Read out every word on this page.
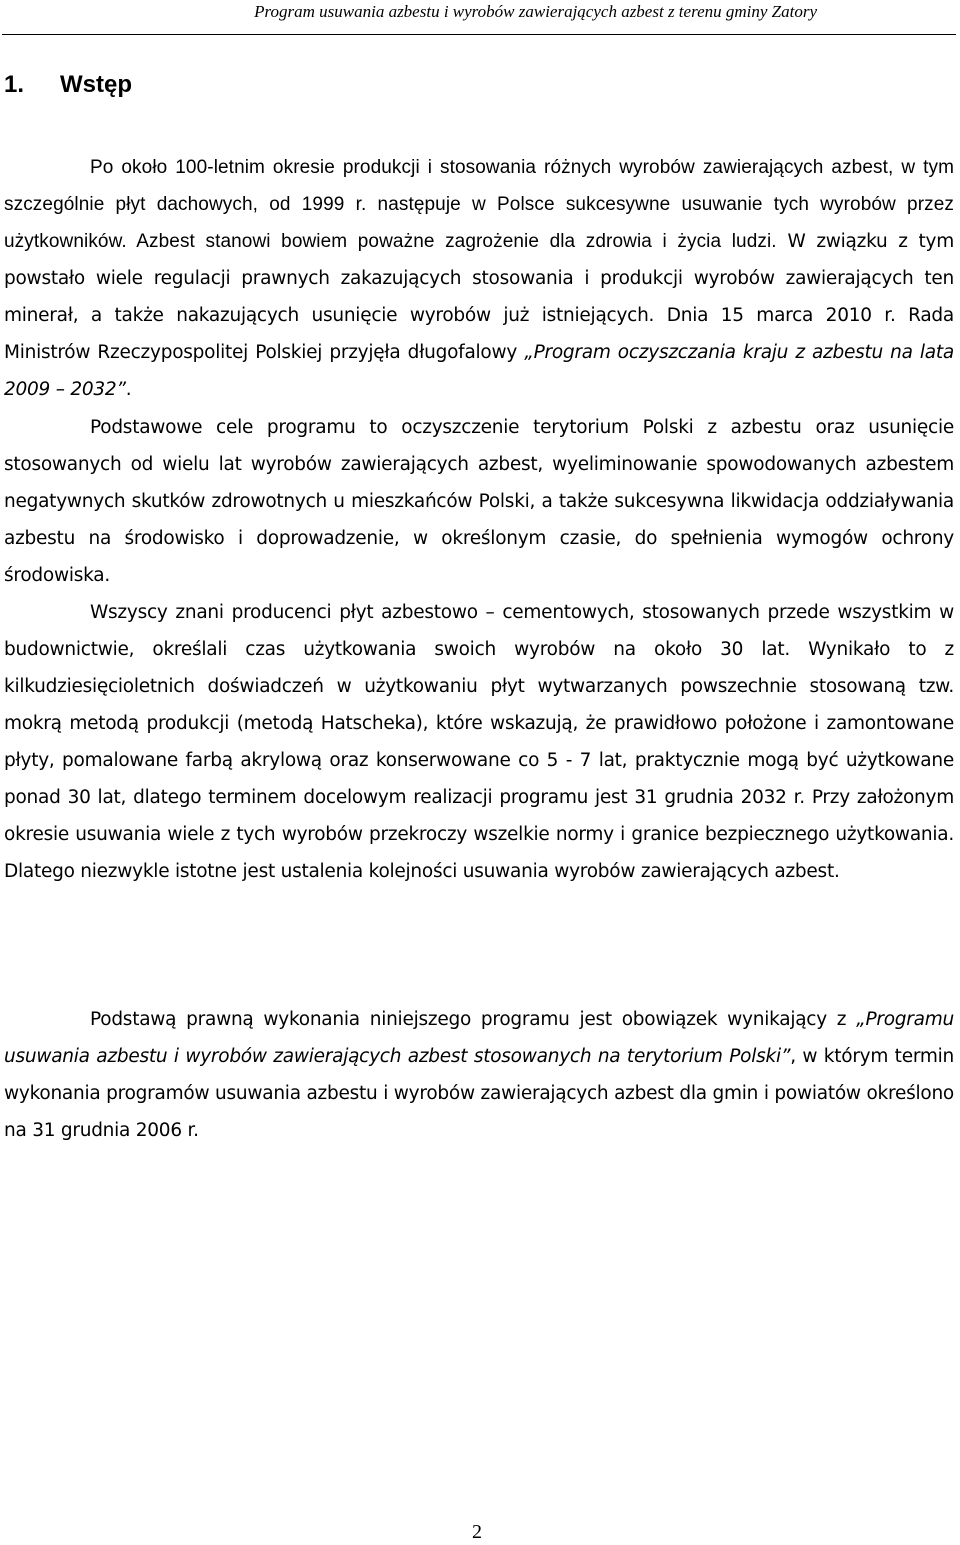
Program usuwania azbestu i wyrobów zawierających azbest z terenu gminy Zatory
1. Wstęp

Po około 100-letnim okresie produkcji i stosowania różnych wyrobów zawierających azbest, w tym szczególnie płyt dachowych, od 1999 r. następuje w Polsce sukcesywne usuwanie tych wyrobów przez użytkowników. Azbest stanowi bowiem poważne zagrożenie dla zdrowia i życia ludzi. W związku z tym powstało wiele regulacji prawnych zakazujących stosowania i produkcji wyrobów zawierających ten minerał, a także nakazujących usunięcie wyrobów już istniejących. Dnia 15 marca 2010 r. Rada Ministrów Rzeczypospolitej Polskiej przyjęła długofalowy „Program oczyszczania kraju z azbestu na lata 2009 – 2032”.

Podstawowe cele programu to oczyszczenie terytorium Polski z azbestu oraz usunięcie stosowanych od wielu lat wyrobów zawierających azbest, wyeliminowanie spowodowanych azbestem negatywnych skutków zdrowotnych u mieszkańców Polski, a także sukcesywna likwidacja oddziaływania azbestu na środowisko i doprowadzenie, w określonym czasie, do spełnienia wymogów ochrony środowiska.

Wszyscy znani producenci płyt azbestowo – cementowych, stosowanych przede wszystkim w budownictwie, określali czas użytkowania swoich wyrobów na około 30 lat. Wynikało to z kilkudziesięcioletnich doświadczeń w użytkowaniu płyt wytwarzanych powszechnie stosowaną tzw. mokrą metodą produkcji (metodą Hatscheka), które wskazują, że prawidłowo położone i zamontowane płyty, pomalowane farbą akrylową oraz konserwowane co 5 - 7 lat, praktycznie mogą być użytkowane ponad 30 lat, dlatego terminem docelowym realizacji programu jest 31 grudnia 2032 r. Przy założonym okresie usuwania wiele z tych wyrobów przekroczy wszelkie normy i granice bezpiecznego użytkowania. Dlatego niezwykle istotne jest ustalenia kolejności usuwania wyrobów zawierających azbest.

Podstawą prawną wykonania niniejszego programu jest obowiązek wynikający z „Programu usuwania azbestu i wyrobów zawierających azbest stosowanych na terytorium Polski”, w którym termin wykonania programów usuwania azbestu i wyrobów zawierających azbest dla gmin i powiatów określono na 31 grudnia 2006 r.

2
